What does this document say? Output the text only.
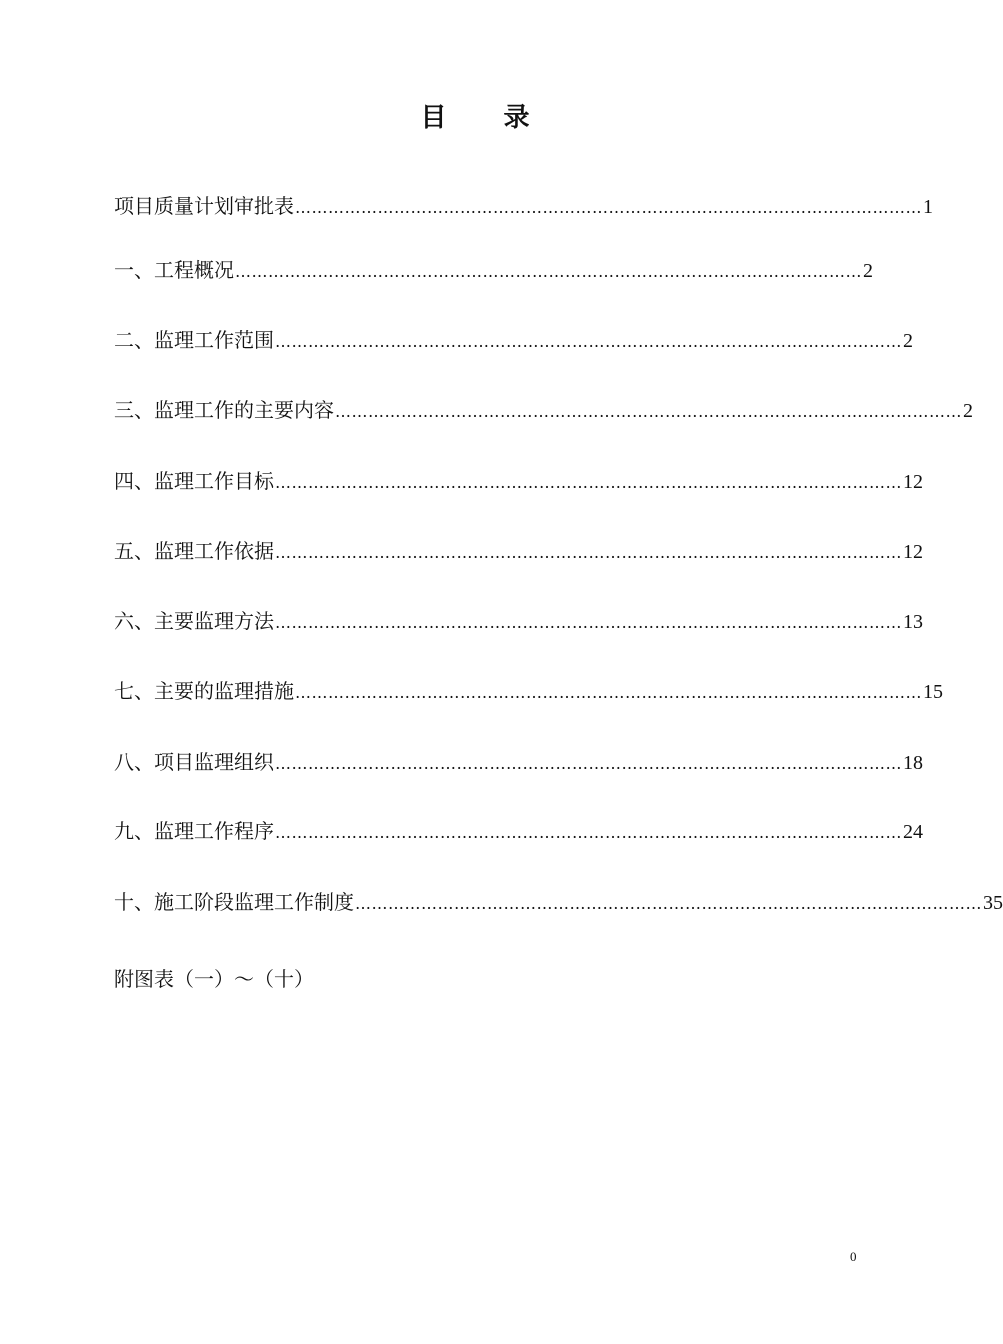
目 录
项目质量计划审批表 …………………………………………………………………………………………………… 1
一、工程概况 …………………………………………………………………………………………………… 2
二、监理工作范围 …………………………………………………………………………………………………… 2
三、监理工作的主要内容 …………………………………………………………………………………………………… 2
四、监理工作目标 …………………………………………………………………………………………………… 12
五、监理工作依据 …………………………………………………………………………………………………… 12
六、主要监理方法 …………………………………………………………………………………………………… 13
七、主要的监理措施 …………………………………………………………………………………………………… 15
八、项目监理组织 …………………………………………………………………………………………………… 18
九、监理工作程序 …………………………………………………………………………………………………… 24
十、施工阶段监理工作制度 …………………………………………………………………………………………………… 35
附图表（一）～（十）
0
